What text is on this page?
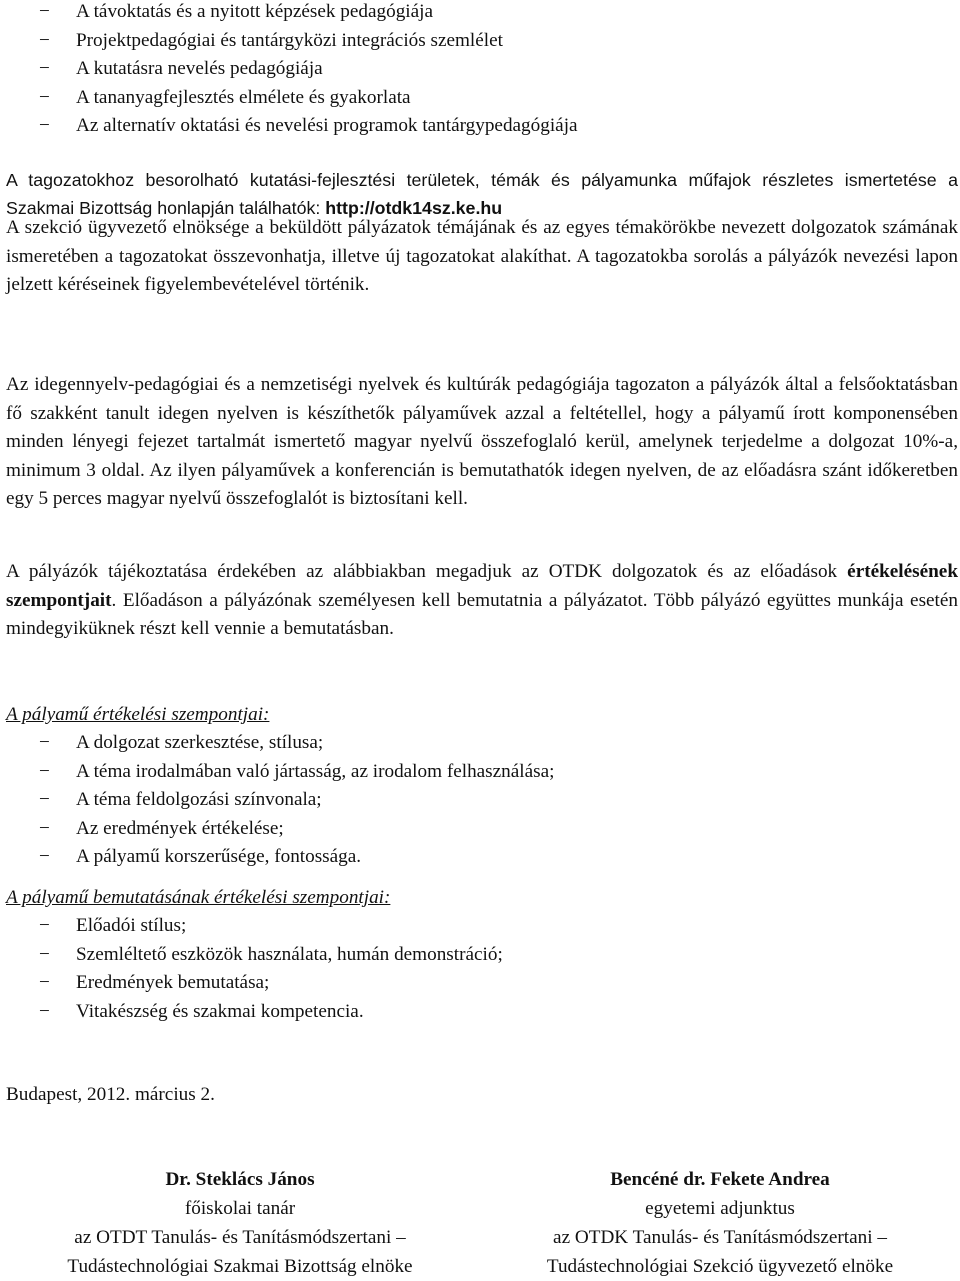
− A távoktatás és a nyitott képzések pedagógiája
− Projektpedagógiai és tantárgyközi integrációs szemlélet
− A kutatásra nevelés pedagógiája
− A tananyagfejlesztés elmélete és gyakorlata
− Az alternatív oktatási és nevelési programok tantárgypedagógiája

A tagozatokhoz besorolható kutatási-fejlesztési területek, témák és pályamunka műfajok részletes ismertetése a Szakmai Bizottság honlapján találhatók: http://otdk14sz.ke.hu

A szekció ügyvezető elnöksége a beküldött pályázatok témájának és az egyes témakörökbe nevezett dolgozatok számának ismeretében a tagozatokat összevonhatja, illetve új tagozatokat alakíthat. A tagozatokba sorolás a pályázók nevezési lapon jelzett kéréseinek figyelembevételével történik.

Az idegennyelv-pedagógiai és a nemzetiségi nyelvek és kultúrák pedagógiája tagozaton a pályázók által a felsőoktatásban fő szakként tanult idegen nyelven is készíthetők pályaművek azzal a feltétellel, hogy a pályamű írott komponensében minden lényegi fejezet tartalmát ismertető magyar nyelvű összefoglaló kerül, amelynek terjedelme a dolgozat 10%-a, minimum 3 oldal. Az ilyen pályaművek a konferencián is bemutathatók idegen nyelven, de az előadásra szánt időkeretben egy 5 perces magyar nyelvű összefoglalót is biztosítani kell.

A pályázók tájékoztatása érdekében az alábbiakban megadjuk az OTDK dolgozatok és az előadások értékelésének szempontjait. Előadáson a pályázónak személyesen kell bemutatnia a pályázatot. Több pályázó együttes munkája esetén mindegyiküknek részt kell vennie a bemutatásban.

A pályamű értékelési szempontjai:
− A dolgozat szerkesztése, stílusa;
− A téma irodalmában való jártasság, az irodalom felhasználása;
− A téma feldolgozási színvonala;
− Az eredmények értékelése;
− A pályamű korszerűsége, fontossága.
A pályamű bemutatásának értékelési szempontjai:
− Előadói stílus;
− Szemléltető eszközök használata, humán demonstráció;
− Eredmények bemutatása;
− Vitakészség és szakmai kompetencia.
Budapest, 2012. március 2.
Dr. Steklács János
főiskolai tanár
az OTDT Tanulás- és Tanításmódszertani –
Tudástechnológiai Szakmai Bizottság elnöke
Bencéné dr. Fekete Andrea
egyetemi adjunktus
az OTDK Tanulás- és Tanításmódszertani –
Tudástechnológiai Szekció ügyvezető elnöke
